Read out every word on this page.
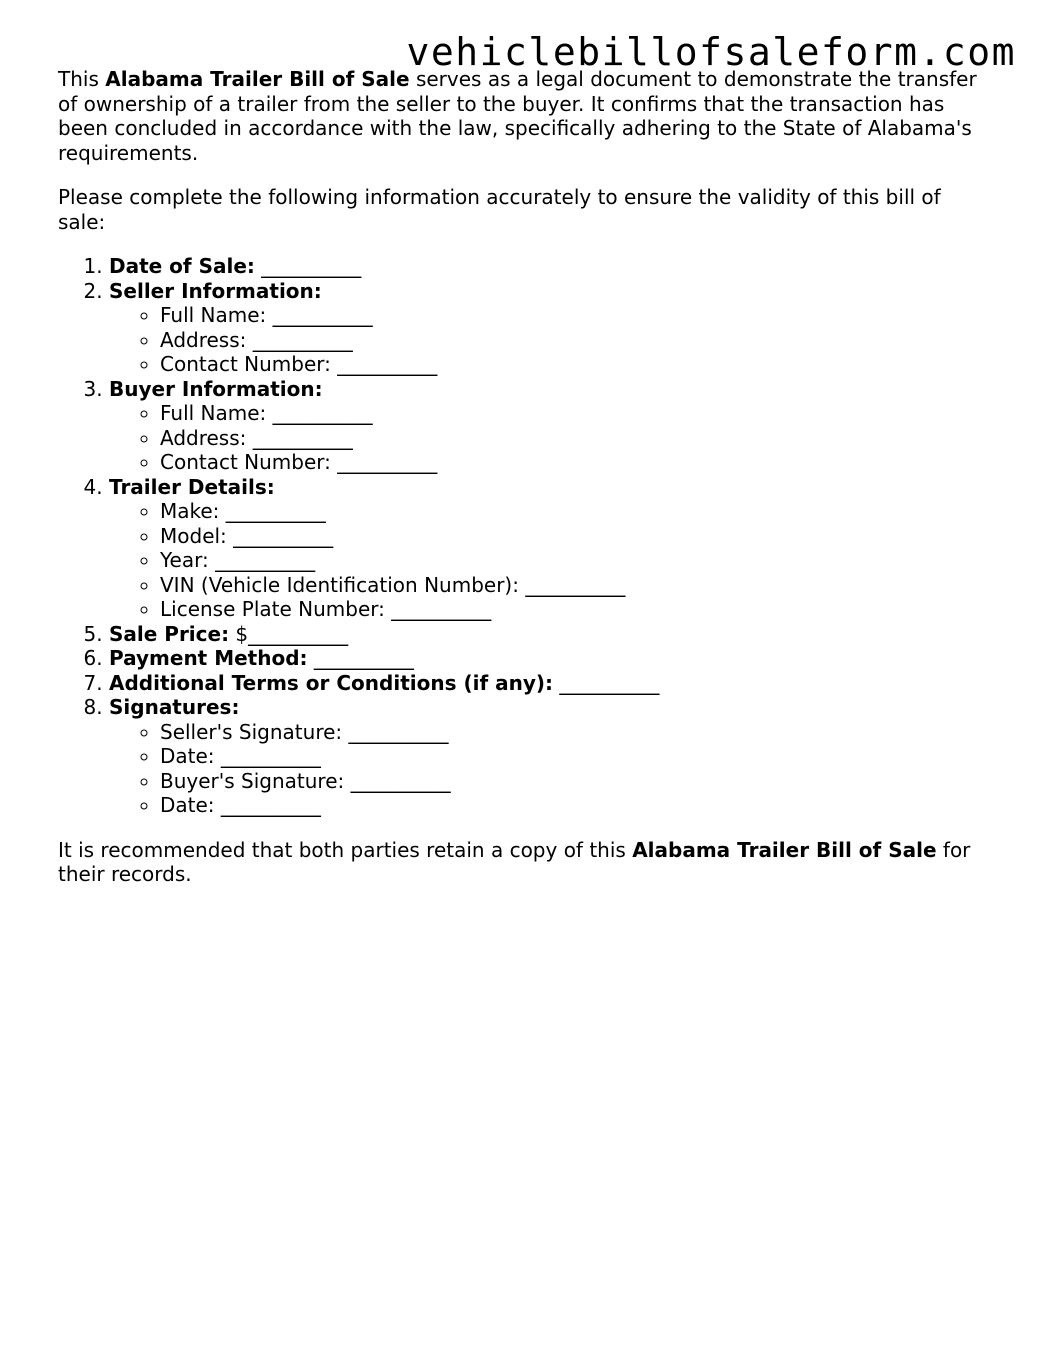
vehiclebillofsaleform.com

This Alabama Trailer Bill of Sale serves as a legal document to demonstrate the transfer of ownership of a trailer from the seller to the buyer. It confirms that the transaction has been concluded in accordance with the law, specifically adhering to the State of Alabama's requirements.

Please complete the following information accurately to ensure the validity of this bill of sale:

1. Date of Sale: __________
2. Seller Information:
◦ Full Name: __________
◦ Address: __________
◦ Contact Number: __________
3. Buyer Information:
◦ Full Name: __________
◦ Address: __________
◦ Contact Number: __________
4. Trailer Details:
◦ Make: __________
◦ Model: __________
◦ Year: __________
◦ VIN (Vehicle Identification Number): __________
◦ License Plate Number: __________
5. Sale Price: $__________
6. Payment Method: __________
7. Additional Terms or Conditions (if any): __________
8. Signatures:
◦ Seller's Signature: __________
◦ Date: __________
◦ Buyer's Signature: __________
◦ Date: __________

It is recommended that both parties retain a copy of this Alabama Trailer Bill of Sale for their records.
